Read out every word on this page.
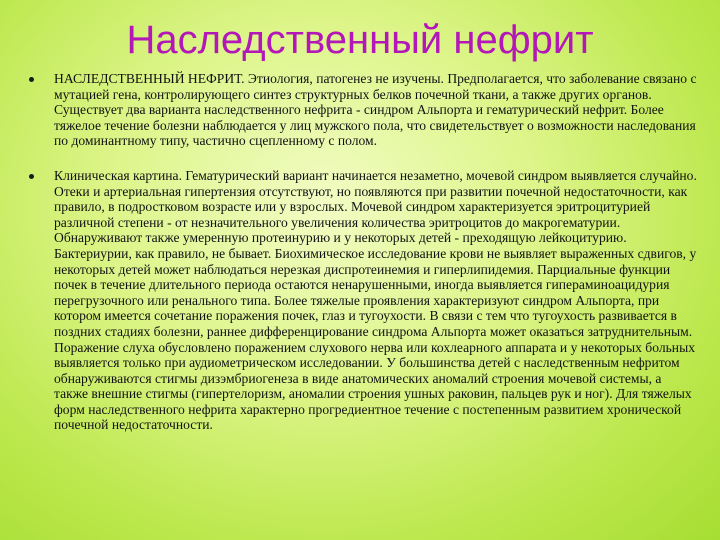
Наследственный нефрит

НАСЛЕДСТВЕННЫЙ НЕФРИТ. Этиология, патогенез не изучены. Предполагается, что заболевание связано с мутацией гена, контролирующего синтез структурных белков почечной ткани, а также других органов. Существует два варианта наследственного нефрита - синдром Альпорта и гематурический нефрит. Более тяжелое течение болезни наблюдается у лиц мужского пола, что свидетельствует о возможности наследования по доминантному типу, частично сцепленному с полом.

Клиническая картина. Гематурический вариант начинается незаметно, мочевой синдром выявляется случайно. Отеки и артериальная гипертензия отсутствуют, но появляются при развитии почечной недостаточности, как правило, в подростковом возрасте или у взрослых. Мочевой синдром характеризуется эритроцитурией различной степени - от незначительного увеличения количества эритроцитов до макрогематурии. Обнаруживают также умеренную протеинурию и у некоторых детей - преходящую лейкоцитурию. Бактериурии, как правило, не бывает. Биохимическое исследование крови не выявляет выраженных сдвигов, у некоторых детей может наблюдаться нерезкая диспротеинемия и гиперлипидемия. Парциальные функции почек в течение длительного периода остаются ненарушенными, иногда выявляется гипераминоацидурия перегрузочного или ренального типа. Более тяжелые проявления характеризуют синдром Альпорта, при котором имеется сочетание поражения почек, глаз и тугоухости. В связи с тем что тугоухость развивается в поздних стадиях болезни, раннее дифференцирование синдрома Альпорта может оказаться затруднительным. Поражение слуха обусловлено поражением слухового нерва или кохлеарного аппарата и у некоторых больных выявляется только при аудиометрическом исследовании. У большинства детей с наследственным нефритом обнаруживаются стигмы дизэмбриогенеза в виде анатомических аномалий строения мочевой системы, а также внешние стигмы (гипертелоризм, аномалии строения ушных раковин, пальцев рук и ног). Для тяжелых форм наследственного нефрита характерно прогредиентное течение с постепенным развитием хронической почечной недостаточности.
